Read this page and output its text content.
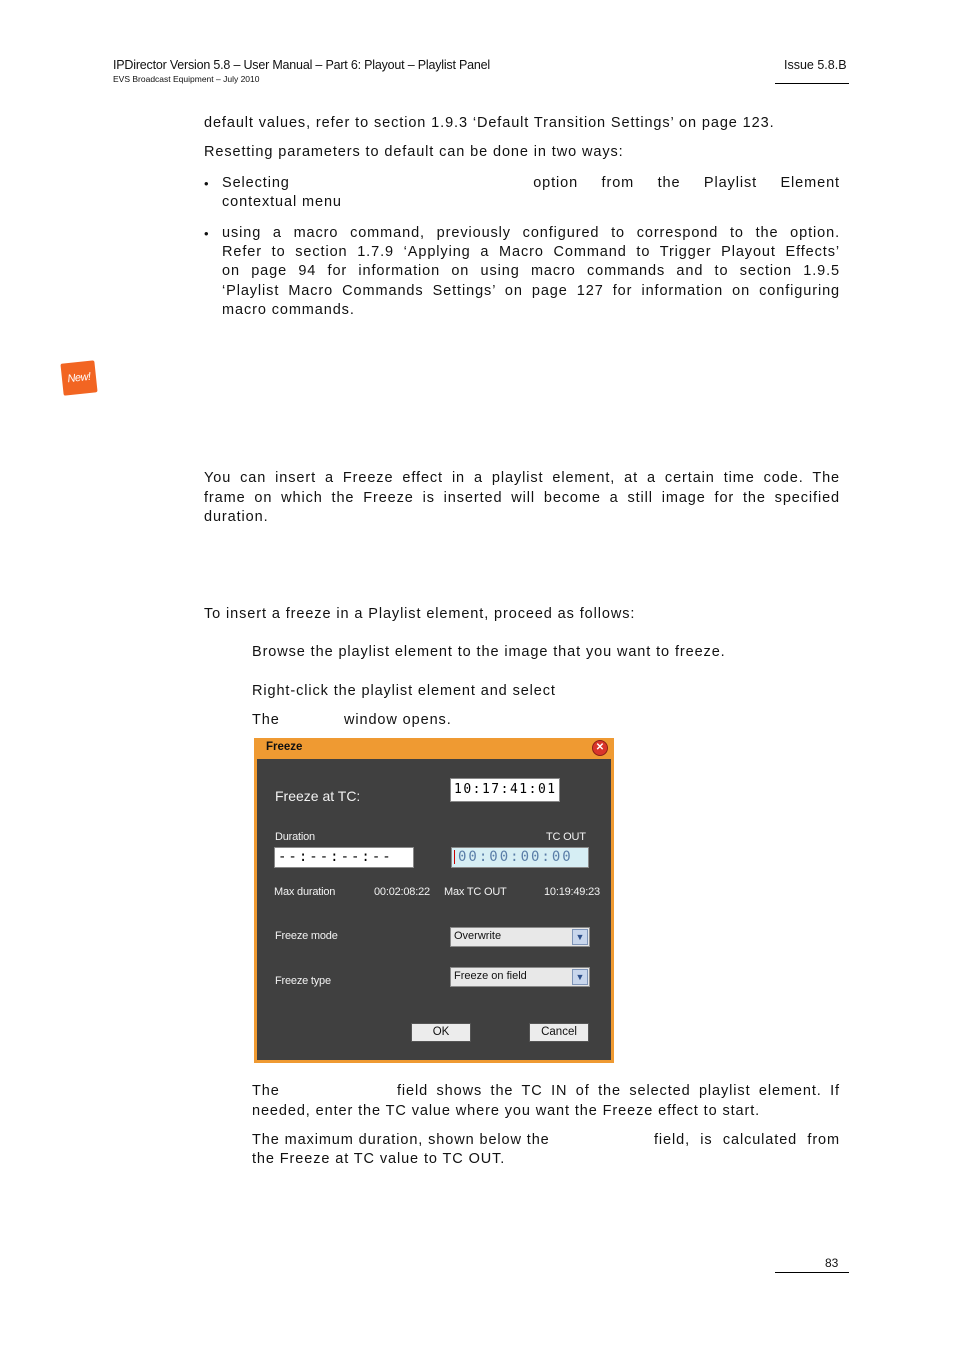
IPDirector Version 5.8 – User Manual – Part 6: Playout – Playlist Panel
EVS Broadcast Equipment – July 2010
Issue 5.8.B
default values, refer to section 1.9.3 ‘Default Transition Settings’ on page 123.
Resetting parameters to default can be done in two ways:
• Selecting	option from the Playlist Element
contextual menu
• using a macro command, previously configured to correspond to the option.
Refer to section 1.7.9 ‘Applying a Macro Command to Trigger Playout Effects’
on page 94 for information on using macro commands and to section 1.9.5
‘Playlist Macro Commands Settings’ on page 127 for information on configuring
macro commands.
New!
You can insert a Freeze effect in a playlist element, at a certain time code. The
frame on which the Freeze is inserted will become a still image for the specified
duration.
To insert a freeze in a Playlist element, proceed as follows:
Browse the playlist element to the image that you want to freeze.
Right-click the playlist element and select
The	window opens.
Freeze	✕
Freeze at TC:	10:17:41:01
Duration	TC OUT
--:--:--:--	00:00:00:00
Max duration	00:02:08:22 Max TC OUT	10:19:49:23
Freeze mode	Overwrite	▼
Freeze type	Freeze on field	▼
OK	Cancel
The	field shows the TC IN of the selected playlist element. If
needed, enter the TC value where you want the Freeze effect to start.
The maximum duration, shown below the	field, is calculated from
the Freeze at TC value to TC OUT.
83
